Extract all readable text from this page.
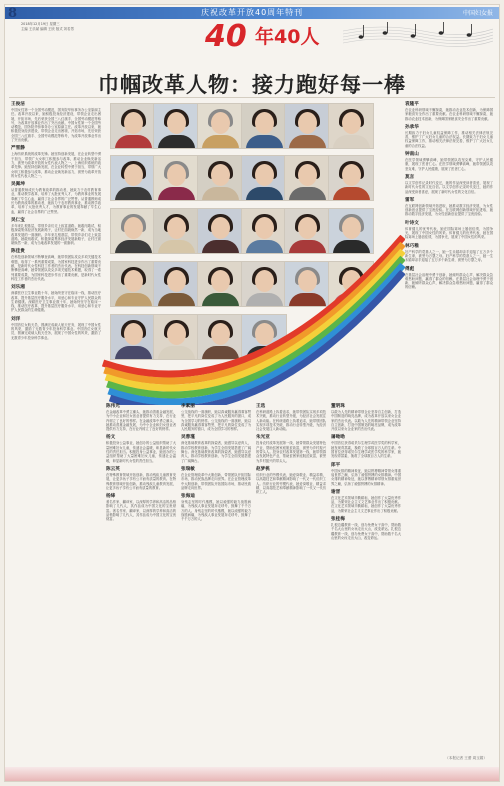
8
2018年12月19日 星期三
主编 王乐斌 编辑 王欣 版式 刘若男
庆祝改革开放40周年特刊	中国妇女报
40 年40人
巾帼改革人物：接力跑好每一棒
王俊洁
中国女性第一个全国劳动模范，国务院华侨事务办公室原副主任。改革开放以来，她积极投身经济建设，带领企业走出困境，开拓市场，先后荣获全国三八红旗手、全国劳动模范等称号，为改革开放事业作出了突出贡献。中国女性第一个全国劳动模范，国务院华侨事务办公室原副主任。改革开放以来，她积极投身经济建设，带领企业走出困境，开拓市场，先后荣获全国三八红旗手、全国劳动模范等称号，为改革开放事业作出了突出贡献。
严雪静
上海纺织系统的改革先锋。她坚持创新发展，在企业转型中勇于担当，带领广大女职工积极参与改革，推动企业焕发新活力，被誉为改革开放的女性代表人物之一。上海纺织系统的改革先锋。她坚持创新发展，在企业转型中勇于担当，带领广大女职工积极参与改革，推动企业焕发新活力，被誉为改革开放的女性代表人物之一。
吴佩坤
从普通教师成长为教育改革的推动者，她致力于农村教育事业，推动教学改革，培养了大批优秀人才，为教育事业的发展奉献了毕生心血，赢得了社会各界的广泛赞誉。从普通教师成长为教育改革的推动者，她致力于农村教育事业，推动教学改革，培养了大批优秀人才，为教育事业的发展奉献了毕生心血，赢得了社会各界的广泛赞誉。
吴仁宝
多年来扎根基层，带领乡亲们走上致富道路。她敢闯敢试，积极探索集体经济发展新路子，让村庄面貌焕然一新，成为当地改革发展的一面旗帜。多年来扎根基层，带领乡亲们走上致富道路。她敢闯敢试，积极探索集体经济发展新路子，让村庄面貌焕然一新，成为当地改革发展的一面旗帜。
陈佳贵
在科技创新领域不断攀登高峰，她带领团队攻克多项关键技术难题，取得了一系列重要成果，为国家科技进步作出了重要贡献，是新时代女性科技工作者的杰出代表。在科技创新领域不断攀登高峰，她带领团队攻克多项关键技术难题，取得了一系列重要成果，为国家科技进步作出了重要贡献，是新时代女性科技工作者的杰出代表。
刘乐湘
深耕医疗卫生事业数十年，她始终坚守在临床一线，推动医疗改革，提升基层医疗服务水平，用爱心和专业守护人民群众的生命健康。深耕医疗卫生事业数十年，她始终坚守在临床一线，推动医疗改革，提升基层医疗服务水平，用爱心和专业守护人民群众的生命健康。
刘洋
中国首位女航天员，圆满完成载人航天任务，展现了中国女性的风采，激励了无数青少年投身科学事业。中国首位女航天员，圆满完成载人航天任务，展现了中国女性的风采，激励了无数青少年投身科学事业。
袁隆平
在农业科研领域不懈探索，她推动农业技术创新，为保障国家粮食安全作出了重要贡献。在农业科研领域不懈探索，她推动农业技术创新，为保障国家粮食安全作出了重要贡献。
孙承华
长期致力于妇女儿童权益保障工作，推动相关法律法规完善，维护了广大妇女儿童的合法权益。长期致力于妇女儿童权益保障工作，推动相关法律法规完善，维护了广大妇女儿童的合法权益。
钟南山
在医学领域勇攀高峰，她带领团队攻坚克难，守护人民健康，展现了医者仁心。在医学领域勇攀高峰，她带领团队攻坚克难，守护人民健康，展现了医者仁心。
莫言
以文学创作记录时代变迁，她的作品深受读者喜爱，展现了新时代女性的文化自信。以文学创作记录时代变迁，她的作品深受读者喜爱，展现了新时代女性的文化自信。
雷军
在互联网创新领域开拓进取，她推动数字经济发展，为女性创新创业提供了宝贵经验。在互联网创新领域开拓进取，她推动数字经济发展，为女性创新创业提供了宝贵经验。
叶诗文
体育健儿的优秀代表，她在国际赛场上屡创佳绩，为国争光，展现了中国女性的风采。体育健儿的优秀代表，她在国际赛场上屡创佳绩，为国争光，展现了中国女性的风采。
林巧稚
妇产科学的奠基人之一，她一生未婚却亲手迎接了五万多个新生命，被誉为万婴之母。妇产科学的奠基人之一，她一生未婚却亲手迎接了五万多个新生命，被誉为万婴之母。
傅彪
在基层社会治理中勇于创新，她倾听群众心声，解决群众急难愁盼问题，赢得了群众的信赖。在基层社会治理中勇于创新，她倾听群众心声，解决群众急难愁盼问题，赢得了群众的信赖。
陈伟光
在金融改革中勇立潮头，她推动普惠金融发展，为中小企业和妇女创业者提供有力支持，在行业内树立了良好的榜样。在金融改革中勇立潮头，她推动普惠金融发展，为中小企业和妇女创业者提供有力支持，在行业内树立了良好的榜样。
杨文
积极投身公益事业，她创办的公益组织帮助了大量困难妇女儿童，传递社会温暖，彰显新时代女性的责任担当。积极投身公益事业，她创办的公益组织帮助了大量困难妇女儿童，传递社会温暖，彰显新时代女性的责任担当。
陈云英
在特殊教育领域开拓创新，推动残疾儿童教育发展，让更多孩子享有公平而有质量的教育。在特殊教育领域开拓创新，推动残疾儿童教育发展，让更多孩子享有公平而有质量的教育。
杨绛
著名作家、翻译家，以深厚的学养和高洁的品格影响了几代人，其作品成为中国文化的宝贵财富。著名作家、翻译家，以深厚的学养和高洁的品格影响了几代人，其作品成为中国文化的宝贵财富。
李素丽
公交战线的一面旗帜，她以真诚服务赢得乘客赞誉，把平凡的岗位变成了为人民服务的窗口，成为全国学习的榜样。公交战线的一面旗帜，她以真诚服务赢得乘客赞誉，把平凡的岗位变成了为人民服务的窗口，成为全国学习的榜样。
吴蓉瑾
深化基础教育改革的探索者，她倡导以爱育人，推动学校教育创新，为学生全面发展搭建了广阔舞台。深化基础教育改革的探索者，她倡导以爱育人，推动学校教育创新，为学生全面发展搭建了广阔舞台。
张瑞敏
在企业管理改革中大胆创新，带领团队开拓国际市场，推动民族品牌走向世界。在企业管理改革中大胆创新，带领团队开拓国际市场，推动民族品牌走向世界。
张海迪
身残志坚的时代楷模，她以顽强的毅力战胜病痛，为残疾人事业发展奔走呼号，鼓舞了千千万万的人。身残志坚的时代楷模，她以顽强的毅力战胜病痛，为残疾人事业发展奔走呼号，鼓舞了千千万万的人。
王选
在科研道路上执着追求，她带领团队实现多项技术突破，推动行业转型升级，为经济社会发展注入新动能。在科研道路上执着追求，她带领团队实现多项技术突破，推动行业转型升级，为经济社会发展注入新动能。
朱光亚
投身农村改革发展第一线，她带领群众发展特色产业，帮助贫困家庭脱贫致富，被誉为乡村振兴的带头人。投身农村改革发展第一线，她带领群众发展特色产业，帮助贫困家庭脱贫致富，被誉为乡村振兴的带头人。
赵梦桃
纺织行业的劳模代表，她爱岗敬业、精益求精，以高超技艺和奉献精神影响了一代又一代纺织工人。纺织行业的劳模代表，她爱岗敬业、精益求精，以高超技艺和奉献精神影响了一代又一代纺织工人。
董明珠
以敢为人先的精神带领企业坚持自主创新，打造中国制造的响亮品牌，成为改革开放以来女企业家的杰出代表。以敢为人先的精神带领企业坚持自主创新，打造中国制造的响亮品牌，成为改革开放以来女企业家的杰出代表。
屠呦呦
中国首位获得诺贝尔生理学或医学奖的科学家，她发现青蒿素，挽救了全球数百万人的生命。中国首位获得诺贝尔生理学或医学奖的科学家，她发现青蒿素，挽救了全球数百万人的生命。
郎平
中国女排的精神象征，她以拼搏精神带领女排重返世界之巅，弘扬了顽强拼搏的女排精神。中国女排的精神象征，她以拼搏精神带领女排重返世界之巅，弘扬了顽强拼搏的女排精神。
谢晋
在文化艺术领域辛勤耕耘，她创作了大量优秀作品，为繁荣社会主义文艺事业作出了积极贡献。在文化艺术领域辛勤耕耘，她创作了大量优秀作品，为繁荣社会主义文艺事业作出了积极贡献。
张桂梅
扎根边疆教育一线，创办免费女子高中，帮助数千名大山里的女孩走出大山，改变命运。扎根边疆教育一线，创办免费女子高中，帮助数千名大山里的女孩走出大山，改变命运。
（本报记者 王蕾 周玉娟）
